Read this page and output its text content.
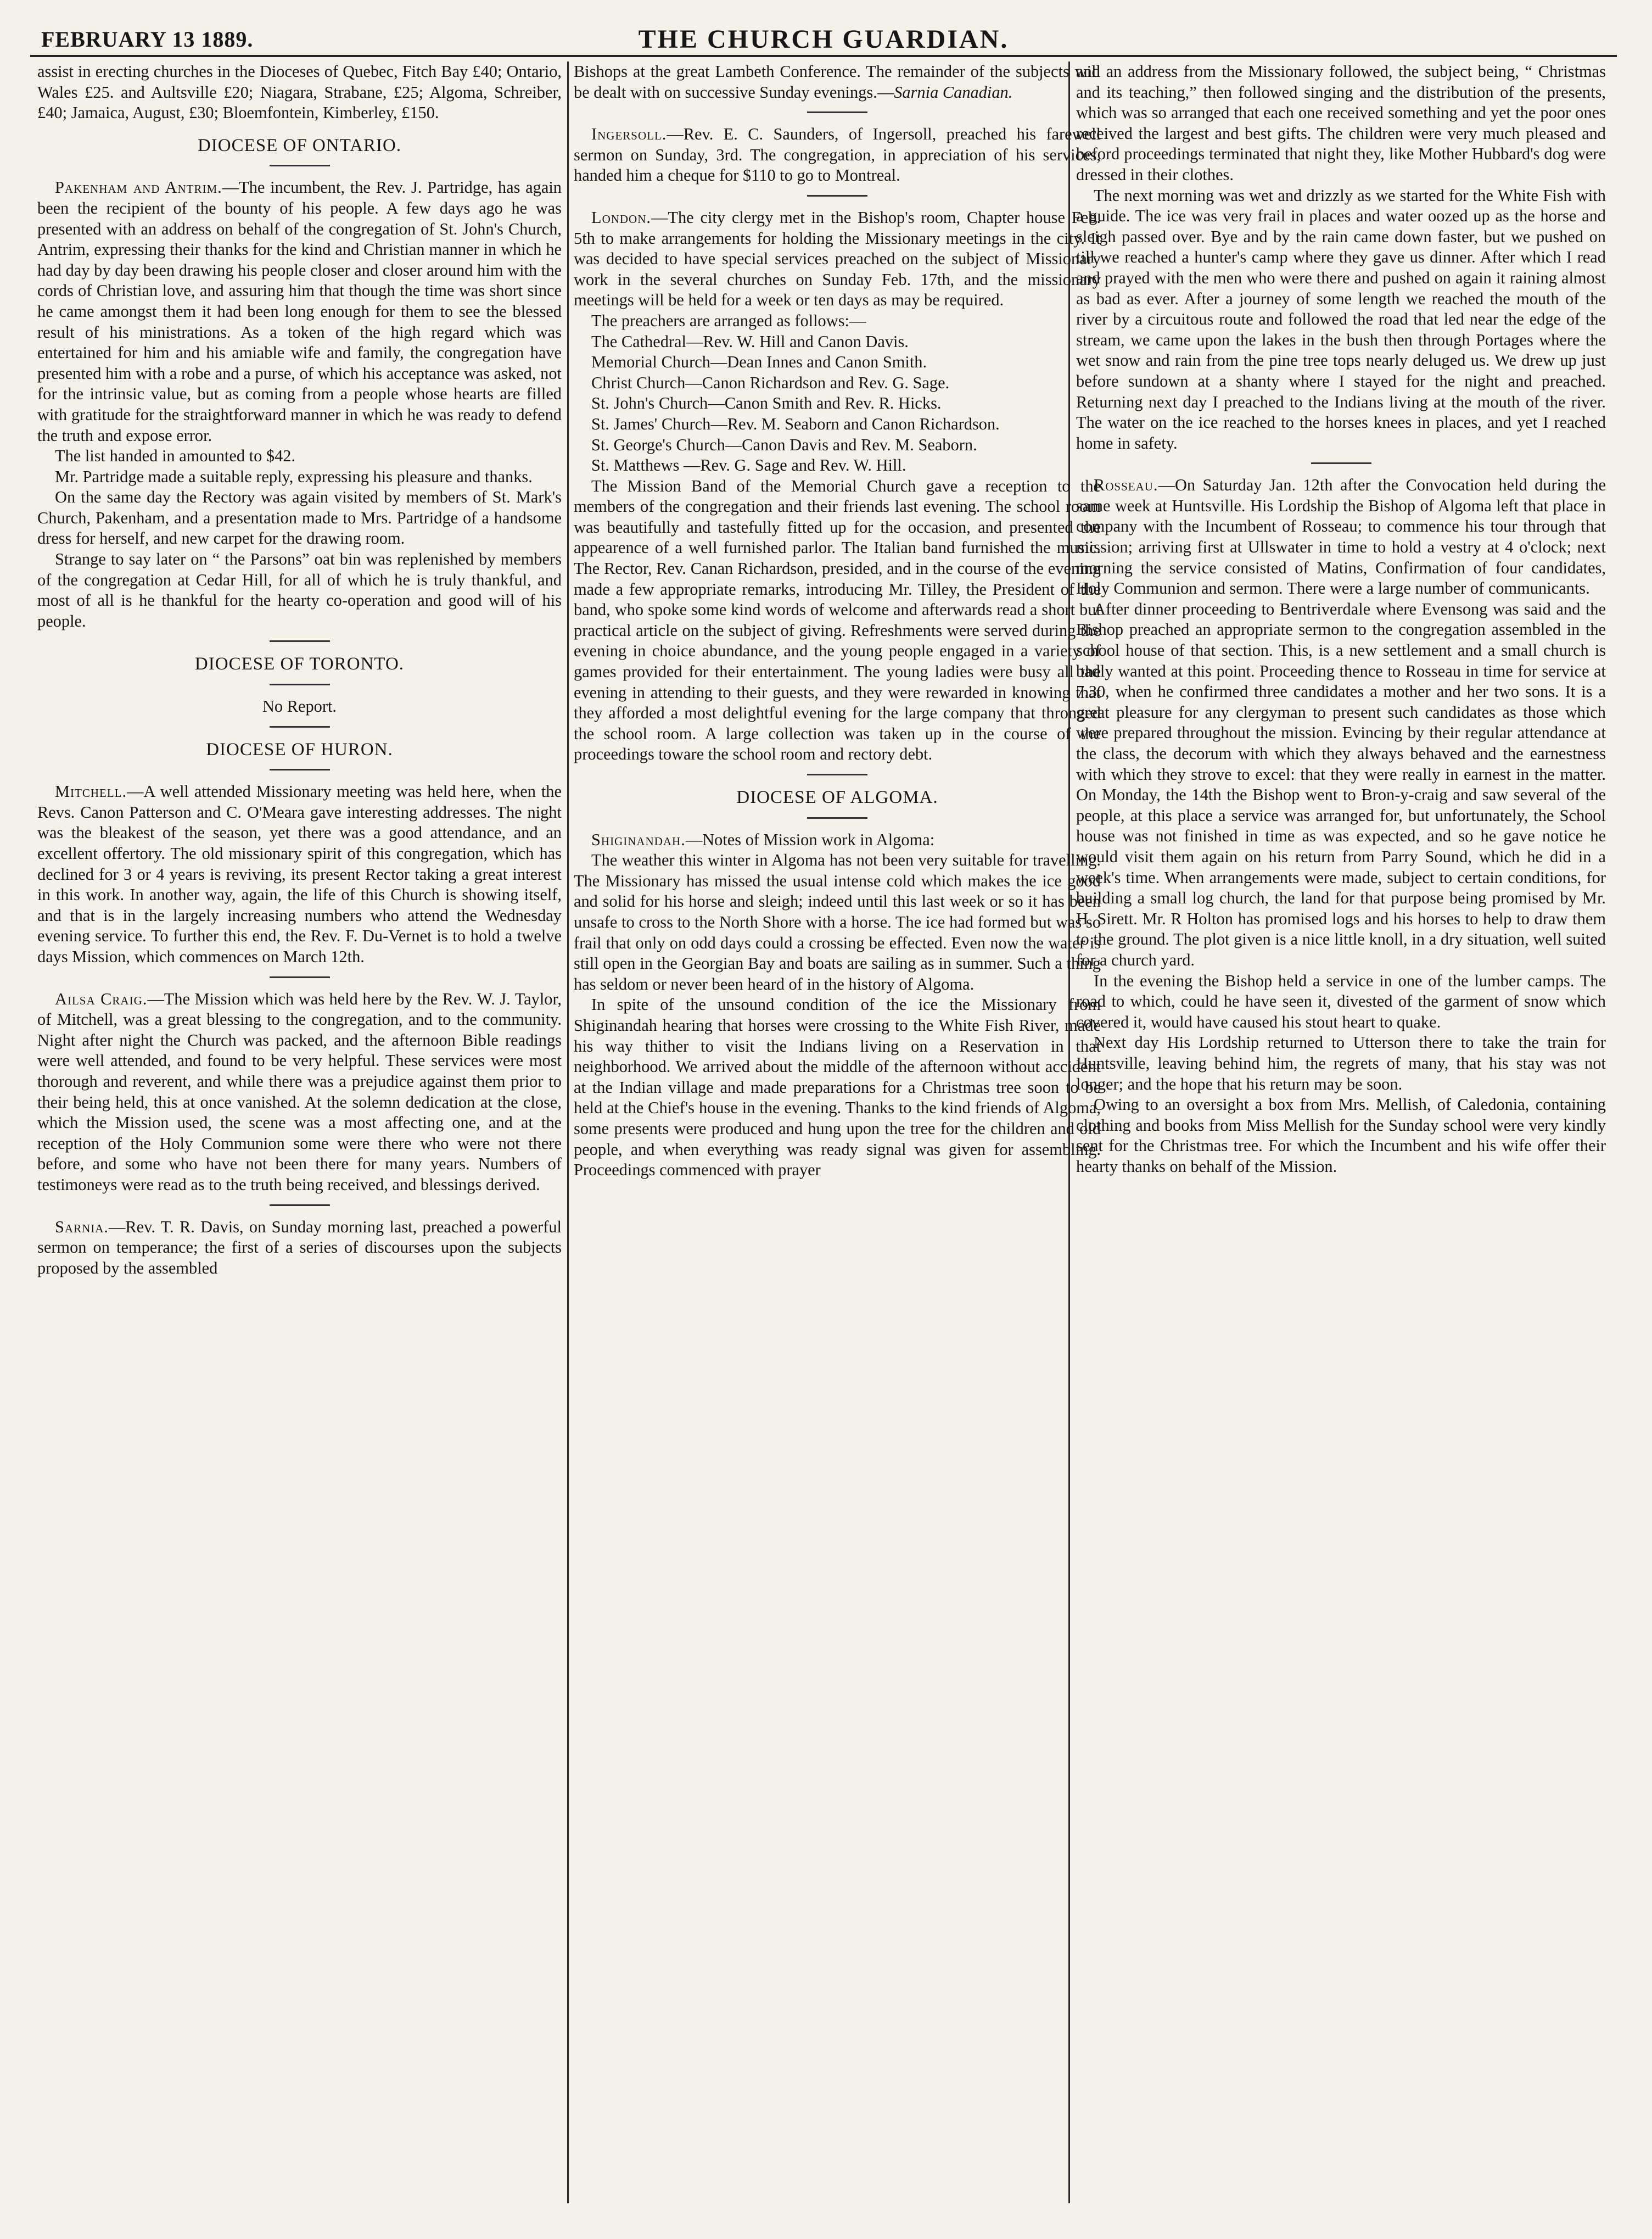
FEBRUARY 13 1889.	THE CHURCH GUARDIAN.

assist in erecting churches in the Dioceses of Quebec, Fitch Bay £40; Ontario, Wales £25. and Aultsville £20; Niagara, Strabane, £25; Algoma, Schreiber, £40; Jamaica, August, £30; Bloemfontein, Kimberley, £150.

DIOCESE OF ONTARIO.

Pakenham and Antrim.—The incumbent, the Rev. J. Partridge, has again been the recipient of the bounty of his people. A few days ago he was presented with an address on behalf of the congregation of St. John's Church, Antrim, expressing their thanks for the kind and Christian manner in which he had day by day been drawing his people closer and closer around him with the cords of Christian love, and assuring him that though the time was short since he came amongst them it had been long enough for them to see the blessed result of his ministrations. As a token of the high regard which was entertained for him and his amiable wife and family, the congregation have presented him with a robe and a purse, of which his acceptance was asked, not for the intrinsic value, but as coming from a people whose hearts are filled with gratitude for the straightforward manner in which he was ready to defend the truth and expose error.

The list handed in amounted to $42.

Mr. Partridge made a suitable reply, expressing his pleasure and thanks.

On the same day the Rectory was again visited by members of St. Mark's Church, Pakenham, and a presentation made to Mrs. Partridge of a handsome dress for herself, and new carpet for the drawing room.

Strange to say later on “ the Parsons” oat bin was replenished by members of the congregation at Cedar Hill, for all of which he is truly thankful, and most of all is he thankful for the hearty co-operation and good will of his people.

DIOCESE OF TORONTO.
No Report.
DIOCESE OF HURON.

Mitchell.—A well attended Missionary meeting was held here, when the Revs. Canon Patterson and C. O'Meara gave interesting addresses. The night was the bleakest of the season, yet there was a good attendance, and an excellent offertory. The old missionary spirit of this congregation, which has declined for 3 or 4 years is reviving, its present Rector taking a great interest in this work. In another way, again, the life of this Church is showing itself, and that is in the largely increasing numbers who attend the Wednesday evening service. To further this end, the Rev. F. Du-Vernet is to hold a twelve days Mission, which commences on March 12th.

Ailsa Craig.—The Mission which was held here by the Rev. W. J. Taylor, of Mitchell, was a great blessing to the congregation, and to the community. Night after night the Church was packed, and the afternoon Bible readings were well attended, and found to be very helpful. These services were most thorough and reverent, and while there was a prejudice against them prior to their being held, this at once vanished. At the solemn dedication at the close, which the Mission used, the scene was a most affecting one, and at the reception of the Holy Communion some were there who were not there before, and some who have not been there for many years. Numbers of testimoneys were read as to the truth being received, and blessings derived.

Sarnia.—Rev. T. R. Davis, on Sunday morning last, preached a powerful sermon on temperance; the first of a series of discourses upon the subjects proposed by the assembled

Bishops at the great Lambeth Conference. The remainder of the subjects will be dealt with on successive Sunday evenings.—Sarnia Canadian.

Ingersoll.—Rev. E. C. Saunders, of Ingersoll, preached his farewell sermon on Sunday, 3rd. The congregation, in appreciation of his services, handed him a cheque for $110 to go to Montreal.

London.—The city clergy met in the Bishop's room, Chapter house Feb. 5th to make arrangements for holding the Missionary meetings in the city. It was decided to have special services preached on the subject of Missionary work in the several churches on Sunday Feb. 17th, and the missionary meetings will be held for a week or ten days as may be required.

The preachers are arranged as follows:—

The Cathedral—Rev. W. Hill and Canon Davis.

Memorial Church—Dean Innes and Canon Smith.

Christ Church—Canon Richardson and Rev. G. Sage.

St. John's Church—Canon Smith and Rev. R. Hicks.

St. James' Church—Rev. M. Seaborn and Canon Richardson.

St. George's Church—Canon Davis and Rev. M. Seaborn.

St. Matthews —Rev. G. Sage and Rev. W. Hill.

The Mission Band of the Memorial Church gave a reception to the members of the congregation and their friends last evening. The school room was beautifully and tastefully fitted up for the occasion, and presented the appearence of a well furnished parlor. The Italian band furnished the music. The Rector, Rev. Canan Richardson, presided, and in the course of the evening made a few appropriate remarks, introducing Mr. Tilley, the President of the band, who spoke some kind words of welcome and afterwards read a short but practical article on the subject of giving. Refreshments were served during the evening in choice abundance, and the young people engaged in a variety of games provided for their entertainment. The young ladies were busy all the evening in attending to their guests, and they were rewarded in knowing that they afforded a most delightful evening for the large company that thronged the school room. A large collection was taken up in the course of the proceedings toware the school room and rectory debt.

DIOCESE OF ALGOMA.

Shiginandah.—Notes of Mission work in Algoma:

The weather this winter in Algoma has not been very suitable for travelling. The Missionary has missed the usual intense cold which makes the ice good and solid for his horse and sleigh; indeed until this last week or so it has been unsafe to cross to the North Shore with a horse. The ice had formed but was so frail that only on odd days could a crossing be effected. Even now the water is still open in the Georgian Bay and boats are sailing as in summer. Such a thing has seldom or never been heard of in the history of Algoma.

In spite of the unsound condition of the ice the Missionary from Shiginandah hearing that horses were crossing to the White Fish River, made his way thither to visit the Indians living on a Reservation in that neighborhood. We arrived about the middle of the afternoon without accident at the Indian village and made preparations for a Christmas tree soon to be held at the Chief's house in the evening. Thanks to the kind friends of Algoma, some presents were produced and hung upon the tree for the children and old people, and when everything was ready signal was given for assembling. Proceedings commenced with prayer

and an address from the Missionary followed, the subject being, “ Christmas and its teaching,” then followed singing and the distribution of the presents, which was so arranged that each one received something and yet the poor ones received the largest and best gifts. The children were very much pleased and beford proceedings terminated that night they, like Mother Hubbard's dog were dressed in their clothes.

The next morning was wet and drizzly as we started for the White Fish with a guide. The ice was very frail in places and water oozed up as the horse and sleigh passed over. Bye and by the rain came down faster, but we pushed on till we reached a hunter's camp where they gave us dinner. After which I read and prayed with the men who were there and pushed on again it raining almost as bad as ever. After a journey of some length we reached the mouth of the river by a circuitous route and followed the road that led near the edge of the stream, we came upon the lakes in the bush then through Portages where the wet snow and rain from the pine tree tops nearly deluged us. We drew up just before sundown at a shanty where I stayed for the night and preached. Returning next day I preached to the Indians living at the mouth of the river. The water on the ice reached to the horses knees in places, and yet I reached home in safety.

Rosseau.—On Saturday Jan. 12th after the Convocation held during the same week at Huntsville. His Lordship the Bishop of Algoma left that place in company with the Incumbent of Rosseau; to commence his tour through that mission; arriving first at Ullswater in time to hold a vestry at 4 o'clock; next morning the service consisted of Matins, Confirmation of four candidates, Holy Communion and sermon. There were a large number of communicants.

After dinner proceeding to Bentriverdale where Evensong was said and the Bishop preached an appropriate sermon to the congregation assembled in the school house of that section. This, is a new settlement and a small church is badly wanted at this point. Proceeding thence to Rosseau in time for service at 7.30, when he confirmed three candidates a mother and her two sons. It is a great pleasure for any clergyman to present such candidates as those which were prepared throughout the mission. Evincing by their regular attendance at the class, the decorum with which they always behaved and the earnestness with which they strove to excel: that they were really in earnest in the matter. On Monday, the 14th the Bishop went to Bron-y-craig and saw several of the people, at this place a service was arranged for, but unfortunately, the School house was not finished in time as was expected, and so he gave notice he would visit them again on his return from Parry Sound, which he did in a week's time. When arrangements were made, subject to certain conditions, for building a small log church, the land for that purpose being promised by Mr. H. Sirett. Mr. R Holton has promised logs and his horses to help to draw them to the ground. The plot given is a nice little knoll, in a dry situation, well suited for a church yard.

In the evening the Bishop held a service in one of the lumber camps. The road to which, could he have seen it, divested of the garment of snow which covered it, would have caused his stout heart to quake.

Next day His Lordship returned to Utterson there to take the train for Huntsville, leaving behind him, the regrets of many, that his stay was not longer; and the hope that his return may be soon.

Owing to an oversight a box from Mrs. Mellish, of Caledonia, containing clothing and books from Miss Mellish for the Sunday school were very kindly sent for the Christmas tree. For which the Incumbent and his wife offer their hearty thanks on behalf of the Mission.
